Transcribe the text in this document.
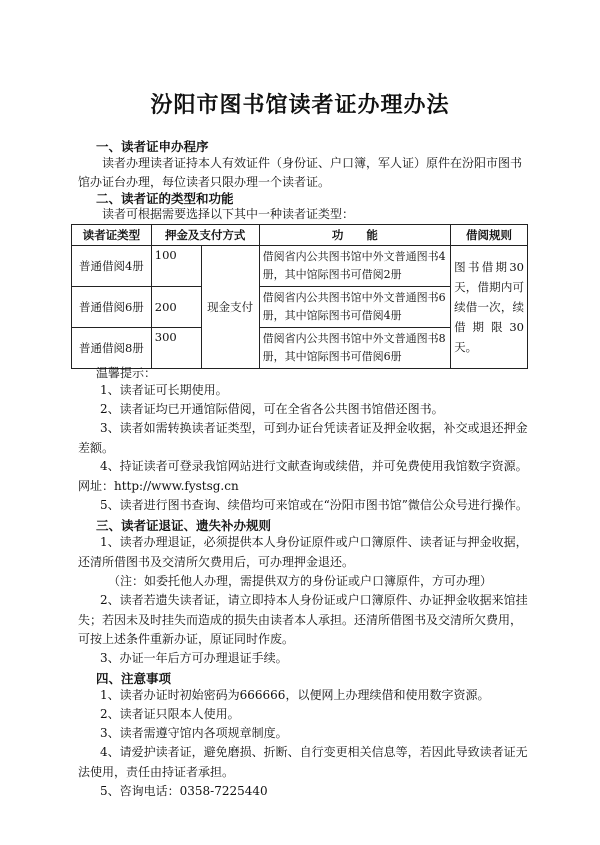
汾阳市图书馆读者证办理办法
一、读者证申办程序
读者办理读者证持本人有效证件（身份证、户口簿，军人证）原件在汾阳市图书馆办证台办理，每位读者只限办理一个读者证。
二、读者证的类型和功能
读者可根据需要选择以下其中一种读者证类型：
读者证类型	押金及支付方式		功　　能	借阅规则
普通借阅4册	100	现金支付	借阅省内公共图书馆中外文普通图书4册，其中馆际图书可借阅2册	图书借期30天，借期内可续借一次，续借期限30天。
普通借阅6册	200		借阅省内公共图书馆中外文普通图书6册，其中馆际图书可借阅4册	
普通借阅8册	300		借阅省内公共图书馆中外文普通图书8册，其中馆际图书可借阅6册	
温馨提示：
1、读者证可长期使用。
2、读者证均已开通馆际借阅，可在全省各公共图书馆借还图书。
3、读者如需转换读者证类型，可到办证台凭读者证及押金收据，补交或退还押金差额。
4、持证读者可登录我馆网站进行文献查询或续借，并可免费使用我馆数字资源。网址：http://www.fystsg.cn
5、读者进行图书查询、续借均可来馆或在“汾阳市图书馆”微信公众号进行操作。
三、读者证退证、遗失补办规则
1、读者办理退证，必须提供本人身份证原件或户口簿原件、读者证与押金收据，还清所借图书及交清所欠费用后，可办理押金退还。
（注：如委托他人办理，需提供双方的身份证或户口簿原件，方可办理）
2、读者若遗失读者证，请立即持本人身份证或户口簿原件、办证押金收据来馆挂失；若因未及时挂失而造成的损失由读者本人承担。还清所借图书及交清所欠费用，可按上述条件重新办证，原证同时作废。
3、办证一年后方可办理退证手续。
四、注意事项
1、读者办证时初始密码为666666，以便网上办理续借和使用数字资源。
2、读者证只限本人使用。
3、读者需遵守馆内各项规章制度。
4、请爱护读者证，避免磨损、折断、自行变更相关信息等，若因此导致读者证无法使用，责任由持证者承担。
5、咨询电话：0358-7225440
